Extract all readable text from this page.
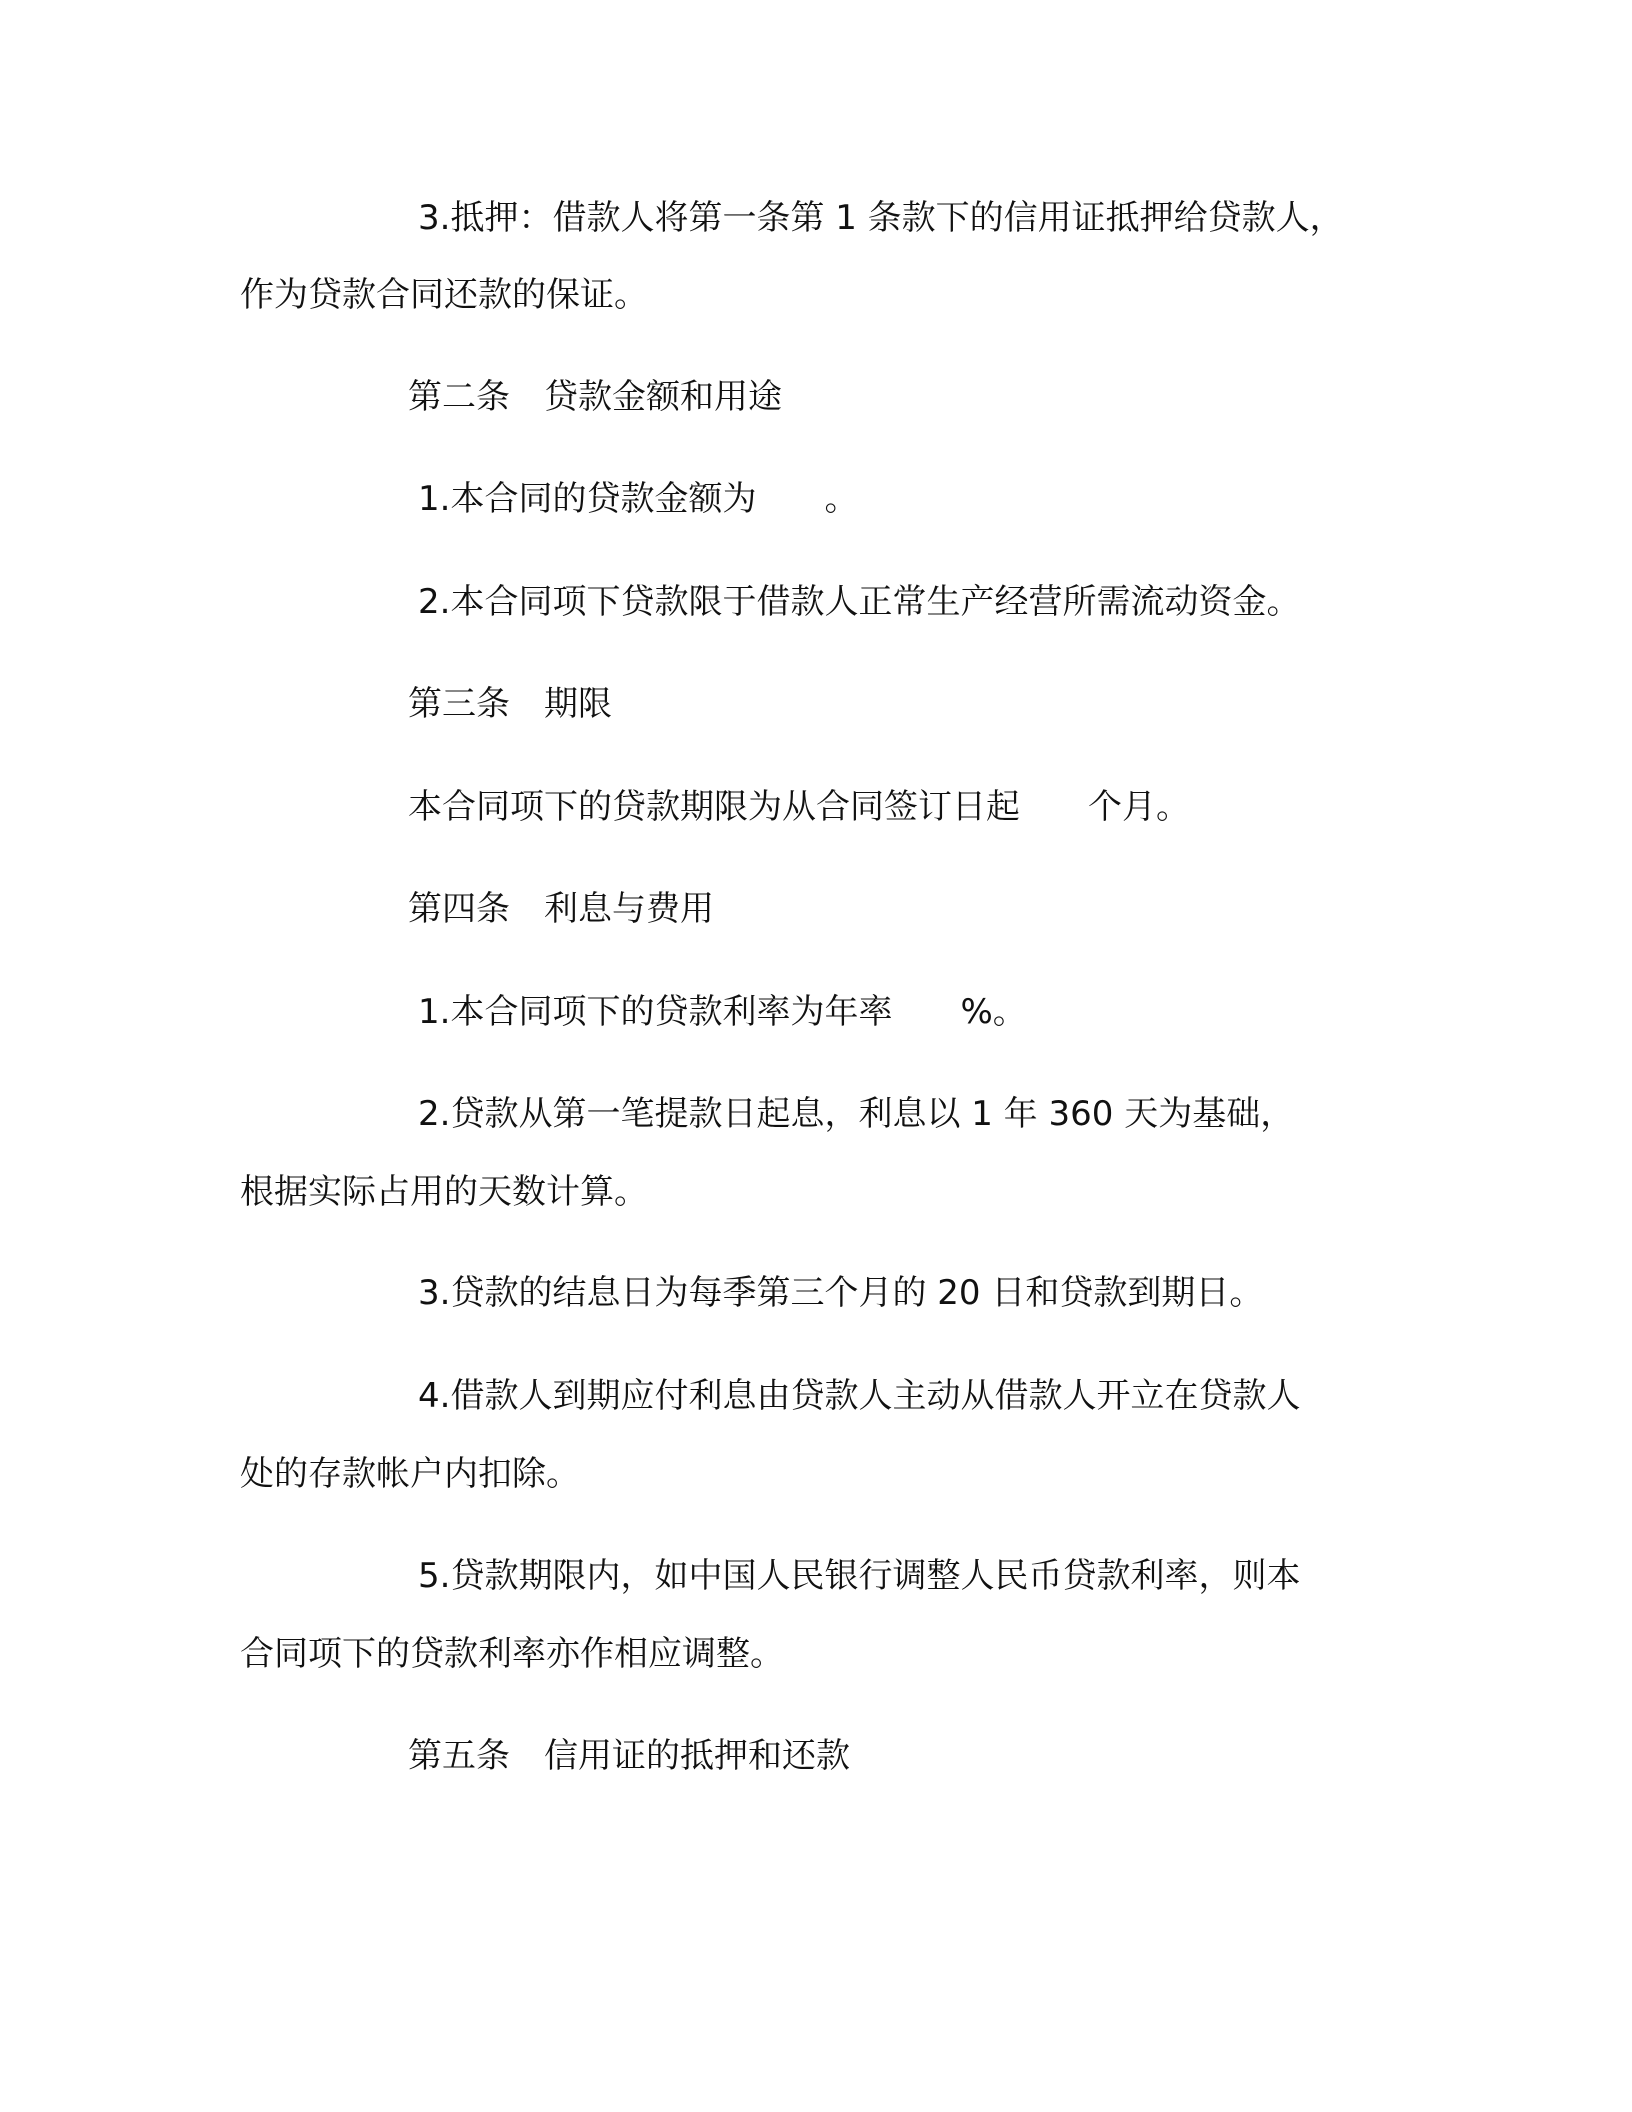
3.抵押：借款人将第一条第 1 条款下的信用证抵押给贷款人，

作为贷款合同还款的保证。

第二条　贷款金额和用途

1.本合同的贷款金额为　　。

2.本合同项下贷款限于借款人正常生产经营所需流动资金。

第三条　期限

本合同项下的贷款期限为从合同签订日起　　个月。

第四条　利息与费用

1.本合同项下的贷款利率为年率　　%。

2.贷款从第一笔提款日起息，利息以 1 年 360 天为基础，

根据实际占用的天数计算。

3.贷款的结息日为每季第三个月的 20 日和贷款到期日。

4.借款人到期应付利息由贷款人主动从借款人开立在贷款人

处的存款帐户内扣除。

5.贷款期限内，如中国人民银行调整人民币贷款利率，则本

合同项下的贷款利率亦作相应调整。

第五条　信用证的抵押和还款
